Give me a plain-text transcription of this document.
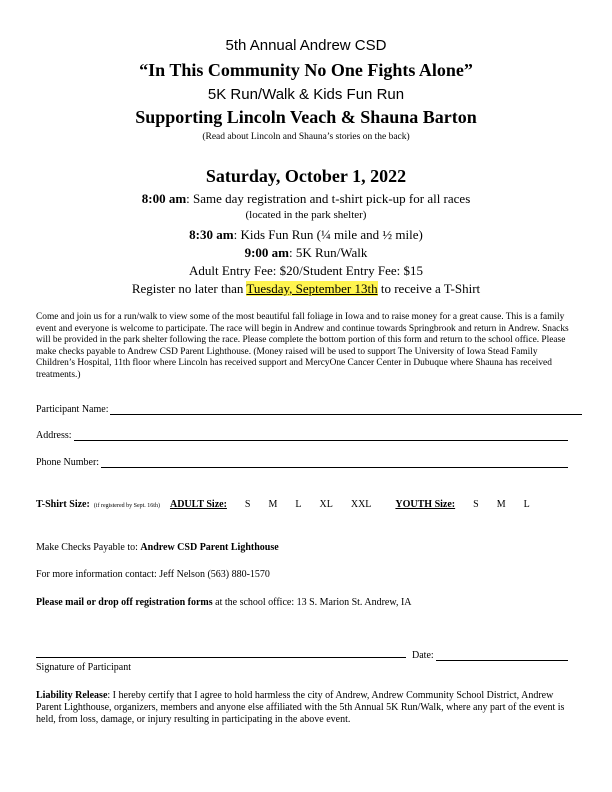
5th Annual Andrew CSD
“In This Community No One Fights Alone”
5K Run/Walk & Kids Fun Run
Supporting Lincoln Veach & Shauna Barton
(Read about Lincoln and Shauna’s stories on the back)
Saturday, October 1, 2022
8:00 am: Same day registration and t-shirt pick-up for all races
(located in the park shelter)
8:30 am: Kids Fun Run (¼ mile and ½ mile)
9:00 am: 5K Run/Walk
Adult Entry Fee: $20/Student Entry Fee: $15
Register no later than Tuesday, September 13th to receive a T-Shirt
Come and join us for a run/walk to view some of the most beautiful fall foliage in Iowa and to raise money for a great cause. This is a family event and everyone is welcome to participate. The race will begin in Andrew and continue towards Springbrook and return in Andrew. Snacks will be provided in the park shelter following the race. Please complete the bottom portion of this form and return to the school office. Please make checks payable to Andrew CSD Parent Lighthouse. (Money raised will be used to support The University of Iowa Stead Family Children’s Hospital, 11th floor where Lincoln has received support and MercyOne Cancer Center in Dubuque where Shauna has received treatments.)
Participant Name:
Address:
Phone Number:
T-Shirt Size: (if registered by Sept. 16th) ADULT Size: S M L XL XXL YOUTH Size: S M L
Make Checks Payable to: Andrew CSD Parent Lighthouse
For more information contact: Jeff Nelson (563) 880-1570
Please mail or drop off registration forms at the school office: 13 S. Marion St. Andrew, IA
Date:
Signature of Participant
Liability Release: I hereby certify that I agree to hold harmless the city of Andrew, Andrew Community School District, Andrew Parent Lighthouse, organizers, members and anyone else affiliated with the 5th Annual 5K Run/Walk, where any part of the event is held, from loss, damage, or injury resulting in participating in the above event.
